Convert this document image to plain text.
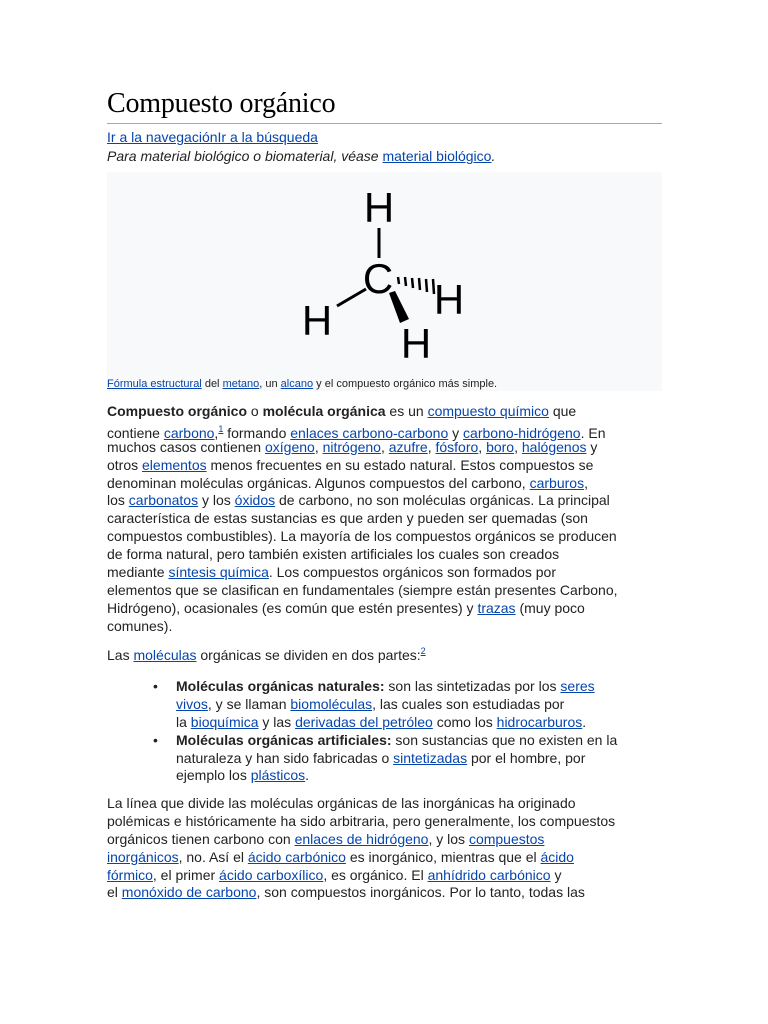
Compuesto orgánico
Ir a la navegaciónIr a la búsqueda
Para material biológico o biomaterial, véase material biológico.
H
C H
H H
Fórmula estructural del metano, un alcano y el compuesto orgánico más simple.
Compuesto orgánico o molécula orgánica es un compuesto químico que
contiene carbono,$^1$ formando enlaces carbono-carbono y carbono-hidrógeno. En
muchos casos contienen oxígeno, nitrógeno, azufre, fósforo, boro, halógenos y
otros elementos menos frecuentes en su estado natural. Estos compuestos se
denominan moléculas orgánicas. Algunos compuestos del carbono, carburos,
los carbonatos y los óxidos de carbono, no son moléculas orgánicas. La principal
característica de estas sustancias es que arden y pueden ser quemadas (son
compuestos combustibles). La mayoría de los compuestos orgánicos se producen
de forma natural, pero también existen artificiales los cuales son creados
mediante síntesis química. Los compuestos orgánicos son formados por
elementos que se clasifican en fundamentales (siempre están presentes Carbono,
Hidrógeno), ocasionales (es común que estén presentes) y trazas (muy poco
comunes).
Las moléculas orgánicas se dividen en dos partes:$^2$
• Moléculas orgánicas naturales: son las sintetizadas por los seres
vivos, y se llaman biomoléculas, las cuales son estudiadas por
la bioquímica y las derivadas del petróleo como los hidrocarburos.
• Moléculas orgánicas artificiales: son sustancias que no existen en la
naturaleza y han sido fabricadas o sintetizadas por el hombre, por
ejemplo los plásticos.
La línea que divide las moléculas orgánicas de las inorgánicas ha originado
polémicas e históricamente ha sido arbitraria, pero generalmente, los compuestos
orgánicos tienen carbono con enlaces de hidrógeno, y los compuestos
inorgánicos, no. Así el ácido carbónico es inorgánico, mientras que el ácido
fórmico, el primer ácido carboxílico, es orgánico. El anhídrido carbónico y
el monóxido de carbono, son compuestos inorgánicos. Por lo tanto, todas las
